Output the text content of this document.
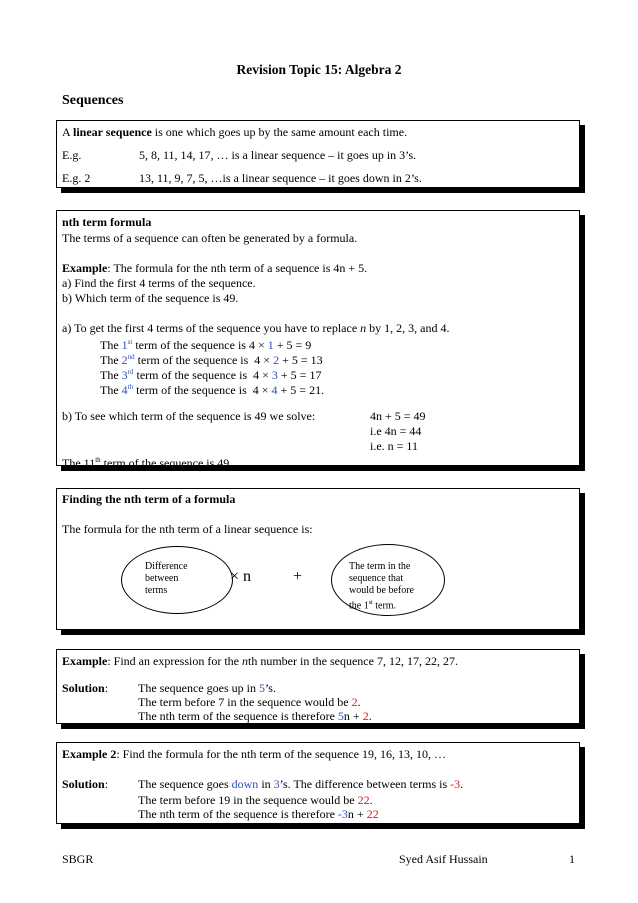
Revision Topic 15: Algebra 2
Sequences
A linear sequence is one which goes up by the same amount each time.
E.g.	5, 8, 11, 14, 17, … is a linear sequence – it goes up in 3’s.
E.g. 2	13, 11, 9, 7, 5, …is a linear sequence – it goes down in 2’s.
nth term formula
The terms of a sequence can often be generated by a formula.
Example: The formula for the nth term of a sequence is 4n + 5.
a) Find the first 4 terms of the sequence.
b) Which term of the sequence is 49.
a) To get the first 4 terms of the sequence you have to replace n by 1, 2, 3, and 4.
The 1st term of the sequence is 4 × 1 + 5 = 9
The 2nd term of the sequence is  4 × 2 + 5 = 13
The 3rd term of the sequence is  4 × 3 + 5 = 17
The 4th term of the sequence is  4 × 4 + 5 = 21.
b) To see which term of the sequence is 49 we solve:	4n + 5 = 49
i.e 4n = 44
i.e. n = 11
The 11th term of the sequence is 49.
Finding the nth term of a formula
The formula for the nth term of a linear sequence is:
Difference
between
terms
× n	+
The term in the
sequence that
would be before
the 1st term.
Example: Find an expression for the nth number in the sequence 7, 12, 17, 22, 27.
Solution: The sequence goes up in 5’s.
The term before 7 in the sequence would be 2.
The nth term of the sequence is therefore 5n + 2.
Example 2: Find the formula for the nth term of the sequence 19, 16, 13, 10, …
Solution: The sequence goes down in 3’s. The difference between terms is -3.
The term before 19 in the sequence would be 22.
The nth term of the sequence is therefore -3n + 22
SBGR	Syed Asif Hussain	1
